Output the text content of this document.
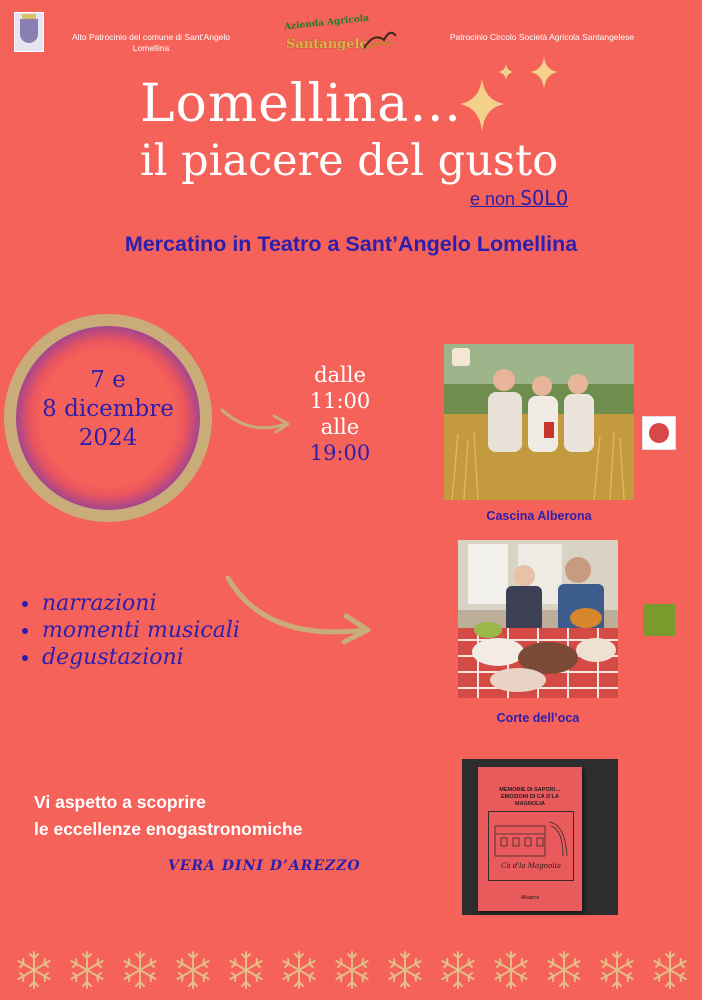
Alto Patrocinio del comune di Sant'Angelo Lomellina
Azienda Agricola
Santangelo	Patrocinio Circolo Società Agricola Santangelese
Lomellina…
il piacere del gusto
e non SOLO
Mercatino in Teatro a Sant’Angelo Lomellina
7 e
8 dicembre
2024
dalle
11:00
alle
19:00
Cascina Alberona
narrazioni
momenti musicali
degustazioni
Corte dell’oca
Vi aspetto a scoprire
le eccellenze enogastronomiche
VERA DINI D’AREZZO
MEMORIE DI SAPORI… EMOZIONI DI CÀ D’LA MAGNOLIA
Cà d'la Magnolia
Albatros
